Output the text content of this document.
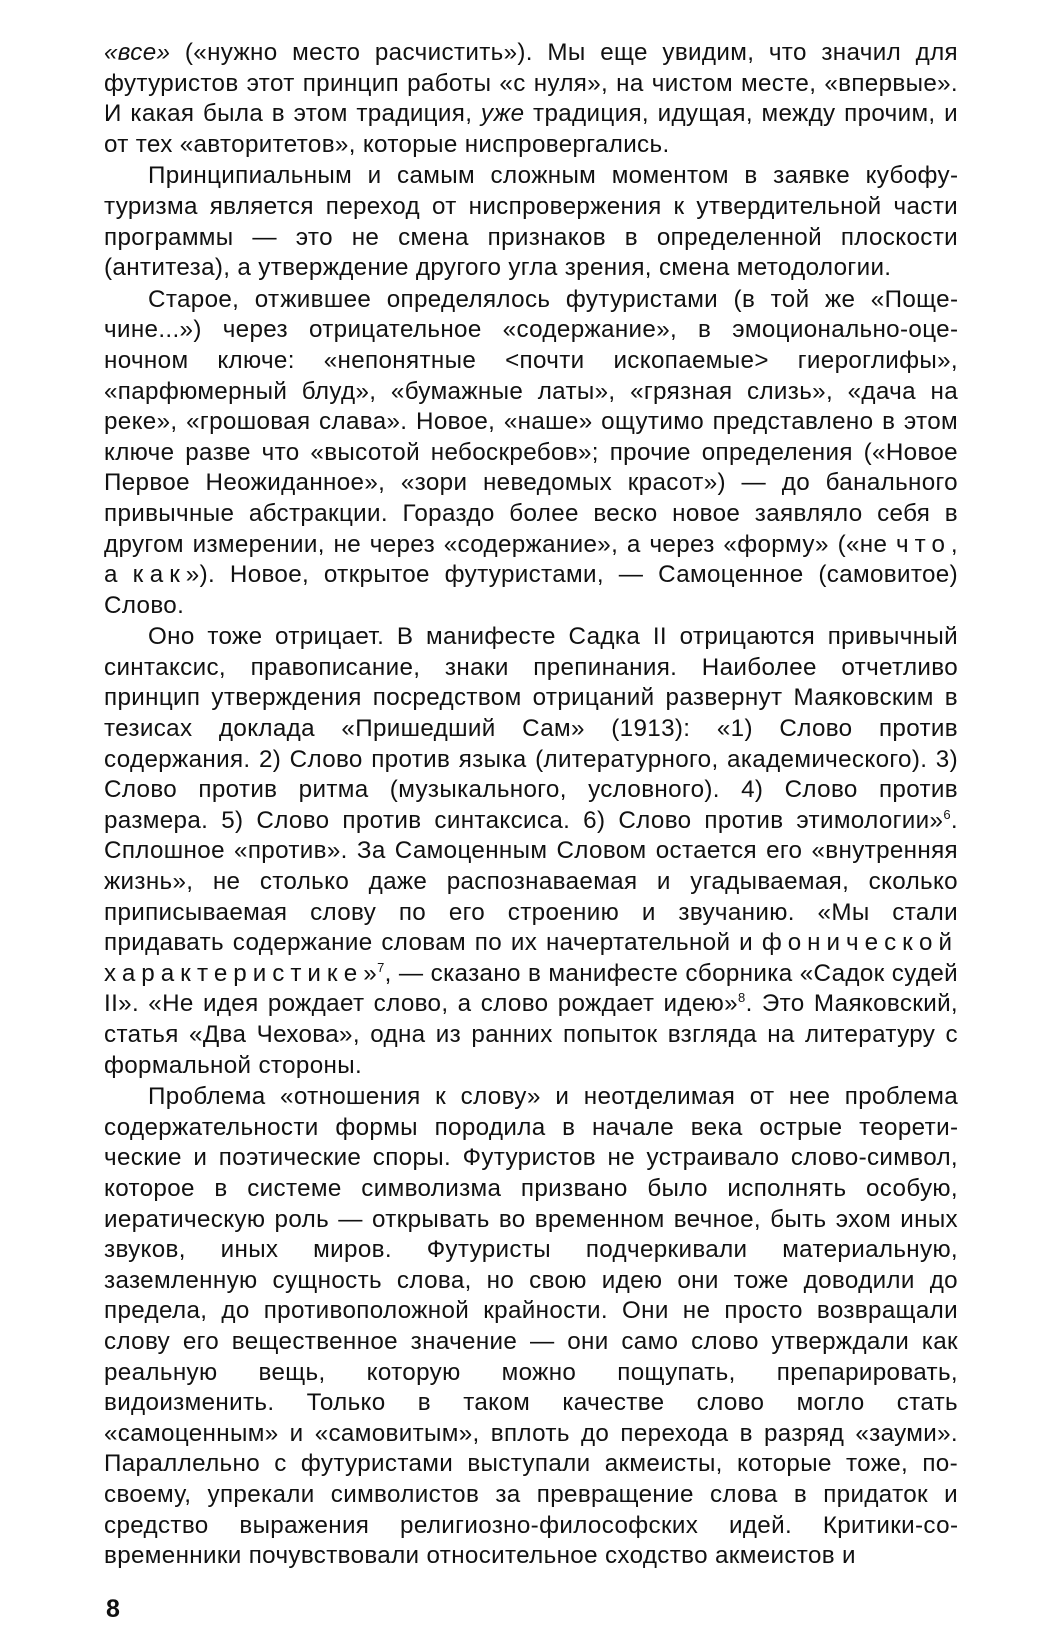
«все» («нужно место расчистить»). Мы еще увидим, что значил для футуристов этот принцип работы «с нуля», на чистом месте, «впервые». И какая была в этом традиция, уже традиция, идущая, между прочим, и от тех «авторитетов», которые ниспровергались.

Принципиальным и самым сложным моментом в заявке кубофутуризма является переход от ниспровержения к утвердительной части программы — это не смена признаков в определенной плоскости (антитеза), а утверждение другого угла зрения, смена методологии.

Старое, отжившее определялось футуристами (в той же «Пощечине...») через отрицательное «содержание», в эмоционально-оценочном ключе: «непонятные <почти ископаемые> гиероглифы», «парфюмерный блуд», «бумажные латы», «грязная слизь», «дача на реке», «грошовая слава». Новое, «наше» ощутимо представлено в этом ключе разве что «высотой небоскребов»; прочие определения («Новое Первое Неожиданное», «зори неведомых красот») — до банального привычные абстракции. Гораздо более веско новое заявляло себя в другом измерении, не через «содержание», а через «форму» («не что, а как»). Новое, открытое футуристами, — Самоценное (самовитое) Слово.

Оно тоже отрицает. В манифесте Садка II отрицаются привычный синтаксис, правописание, знаки препинания. Наиболее отчетливо принцип утверждения посредством отрицаний развернут Маяковским в тезисах доклада «Пришедший Сам» (1913): «1) Слово против содержания. 2) Слово против языка (литературного, академического). 3) Слово против ритма (музыкального, условного). 4) Слово против размера. 5) Слово против синтаксиса. 6) Слово против этимологии»$^6$. Сплошное «против». За Самоценным Словом остается его «внутренняя жизнь», не столько даже распознаваемая и угадываемая, сколько приписываемая слову по его строению и звучанию. «Мы стали придавать содержание словам по их начертательной и фонической характеристике»$^7$, — сказано в манифесте сборника «Садок судей II». «Не идея рождает слово, а слово рождает идею»$^8$. Это Маяковский, статья «Два Чехова», одна из ранних попыток взгляда на литературу с формальной стороны.

Проблема «отношения к слову» и неотделимая от нее проблема содержательности формы породила в начале века острые теоретические и поэтические споры. Футуристов не устраивало слово-символ, которое в системе символизма призвано было исполнять особую, иератическую роль — открывать во временном вечное, быть эхом иных звуков, иных миров. Футуристы подчеркивали материальную, заземленную сущность слова, но свою идею они тоже доводили до предела, до противоположной крайности. Они не просто возвращали слову его вещественное значение — они само слово утверждали как реальную вещь, которую можно пощупать, препарировать, видоизменить. Только в таком качестве слово могло стать «самоценным» и «самовитым», вплоть до перехода в разряд «зауми». Параллельно с футуристами выступали акмеисты, которые тоже, по-своему, упрекали символистов за превращение слова в придаток и средство выражения религиозно-философских идей. Критики-современники почувствовали относительное сходство акмеистов и

8
